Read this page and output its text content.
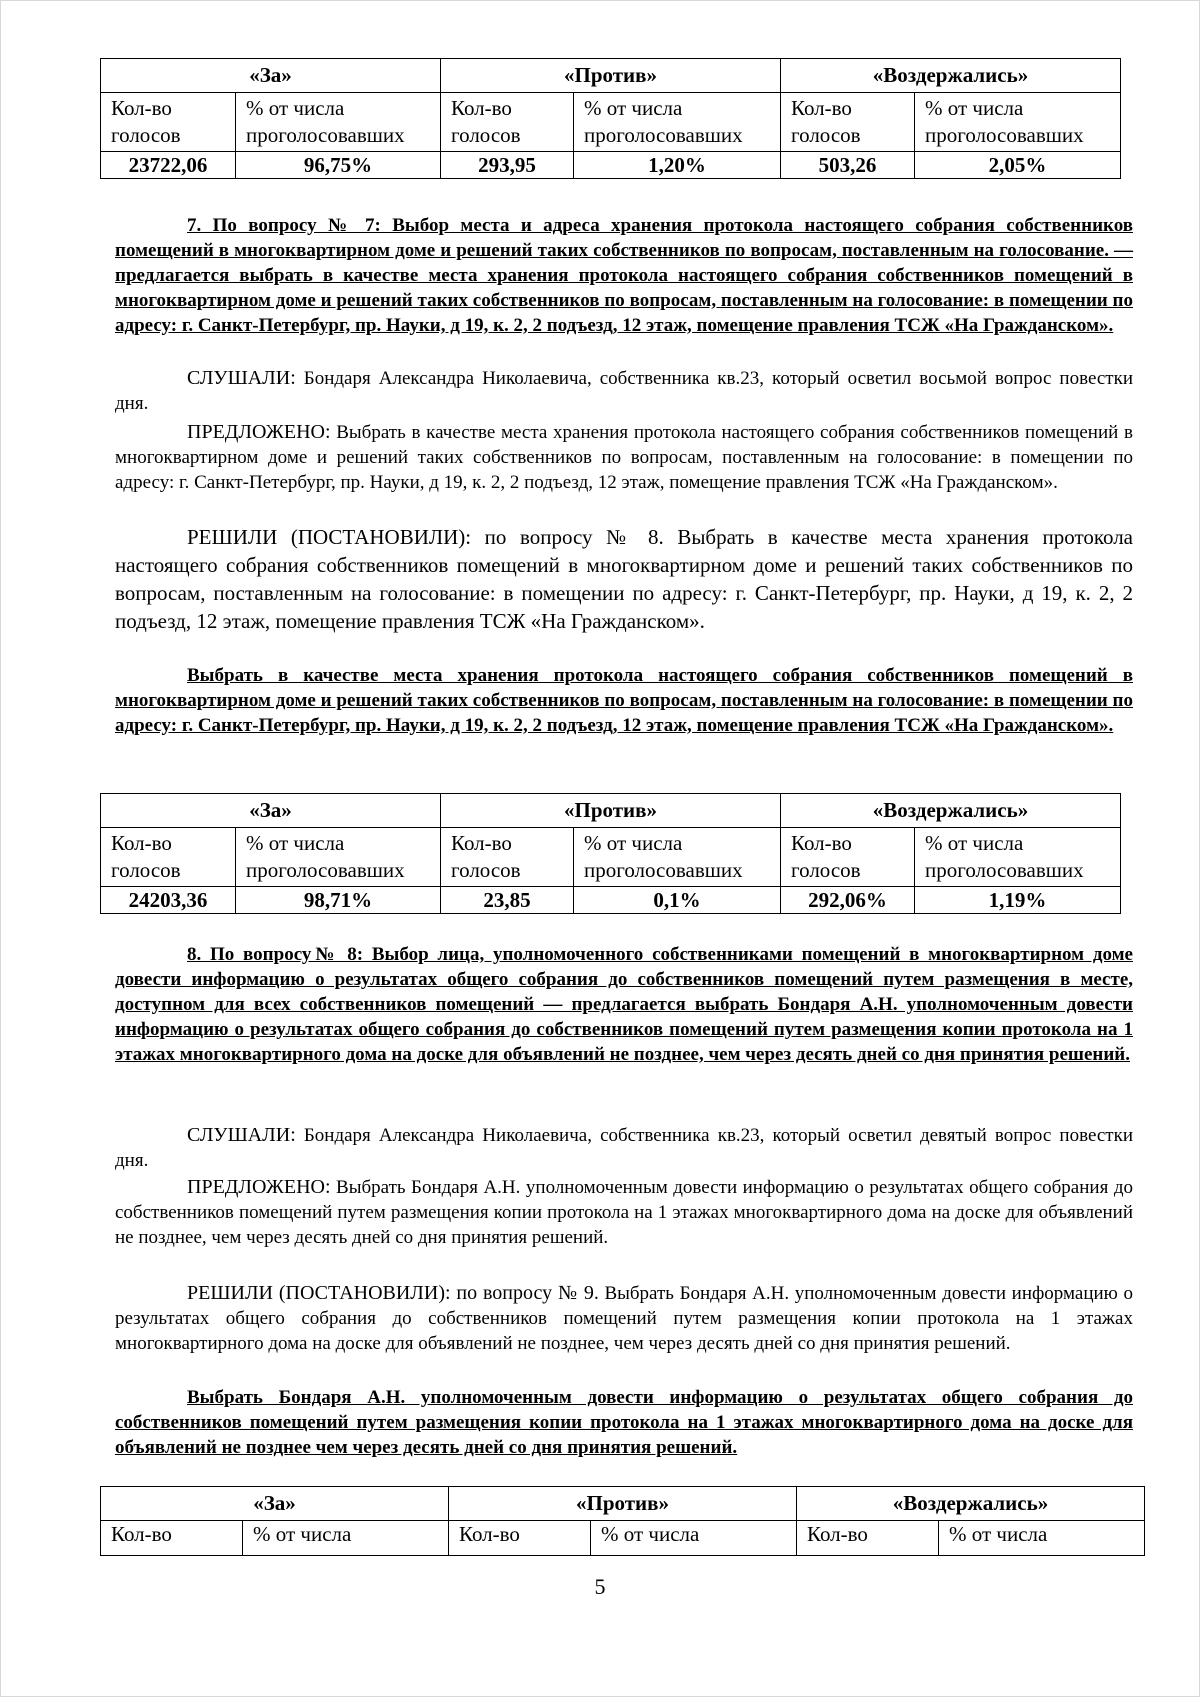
«За»		«Против»		«Воздержались»	
Кол-во голосов	% от числа проголосовавших	Кол-во голосов	% от числа проголосовавших	Кол-во голосов	% от числа проголосовавших
23722,06	96,75%	293,95	1,20%	503,26	2,05%
7. По вопросу № 7: Выбор места и адреса хранения протокола настоящего собрания собственников помещений в многоквартирном доме и решений таких собственников по вопросам, поставленным на голосование. — предлагается выбрать в качестве места хранения протокола настоящего собрания собственников помещений в многоквартирном доме и решений таких собственников по вопросам, поставленным на голосование: в помещении по адресу: г. Санкт-Петербург, пр. Науки, д 19, к. 2, 2 подъезд, 12 этаж, помещение правления ТСЖ «На Гражданском».
СЛУШАЛИ: Бондаря Александра Николаевича, собственника кв.23, который осветил восьмой вопрос повестки дня.
ПРЕДЛОЖЕНО: Выбрать в качестве места хранения протокола настоящего собрания собственников помещений в многоквартирном доме и решений таких собственников по вопросам, поставленным на голосование: в помещении по адресу: г. Санкт-Петербург, пр. Науки, д 19, к. 2, 2 подъезд, 12 этаж, помещение правления ТСЖ «На Гражданском».
РЕШИЛИ (ПОСТАНОВИЛИ): по вопросу № 8. Выбрать в качестве места хранения протокола настоящего собрания собственников помещений в многоквартирном доме и решений таких собственников по вопросам, поставленным на голосование: в помещении по адресу: г. Санкт-Петербург, пр. Науки, д 19, к. 2, 2 подъезд, 12 этаж, помещение правления ТСЖ «На Гражданском».
Выбрать в качестве места хранения протокола настоящего собрания собственников помещений в многоквартирном доме и решений таких собственников по вопросам, поставленным на голосование: в помещении по адресу: г. Санкт-Петербург, пр. Науки, д 19, к. 2, 2 подъезд, 12 этаж, помещение правления ТСЖ «На Гражданском».
«За»		«Против»		«Воздержались»	
Кол-во голосов	% от числа проголосовавших	Кол-во голосов	% от числа проголосовавших	Кол-во голосов	% от числа проголосовавших
24203,36	98,71%	23,85	0,1%	292,06%	1,19%
8. По вопросу№ 8: Выбор лица, уполномоченного собственниками помещений в многоквартирном доме довести информацию о результатах общего собрания до собственников помещений путем размещения в месте, доступном для всех собственников помещений — предлагается выбрать Бондаря А.Н. уполномоченным довести информацию о результатах общего собрания до собственников помещений путем размещения копии протокола на 1 этажах многоквартирного дома на доске для объявлений не позднее, чем через десять дней со дня принятия решений.
СЛУШАЛИ: Бондаря Александра Николаевича, собственника кв.23, который осветил девятый вопрос повестки дня.
ПРЕДЛОЖЕНО: Выбрать Бондаря А.Н. уполномоченным довести информацию о результатах общего собрания до собственников помещений путем размещения копии протокола на 1 этажах многоквартирного дома на доске для объявлений не позднее, чем через десять дней со дня принятия решений.
РЕШИЛИ (ПОСТАНОВИЛИ): по вопросу № 9. Выбрать Бондаря А.Н. уполномоченным довести информацию о результатах общего собрания до собственников помещений путем размещения копии протокола на 1 этажах многоквартирного дома на доске для объявлений не позднее, чем через десять дней со дня принятия решений.
Выбрать Бондаря А.Н. уполномоченным довести информацию о результатах общего собрания до собственников помещений путем размещения копии протокола на 1 этажах многоквартирного дома на доске для объявлений не позднее чем через десять дней со дня принятия решений.
«За»		«Против»		«Воздержались»	
Кол-во	% от числа	Кол-во	% от числа	Кол-во	% от числа
5
